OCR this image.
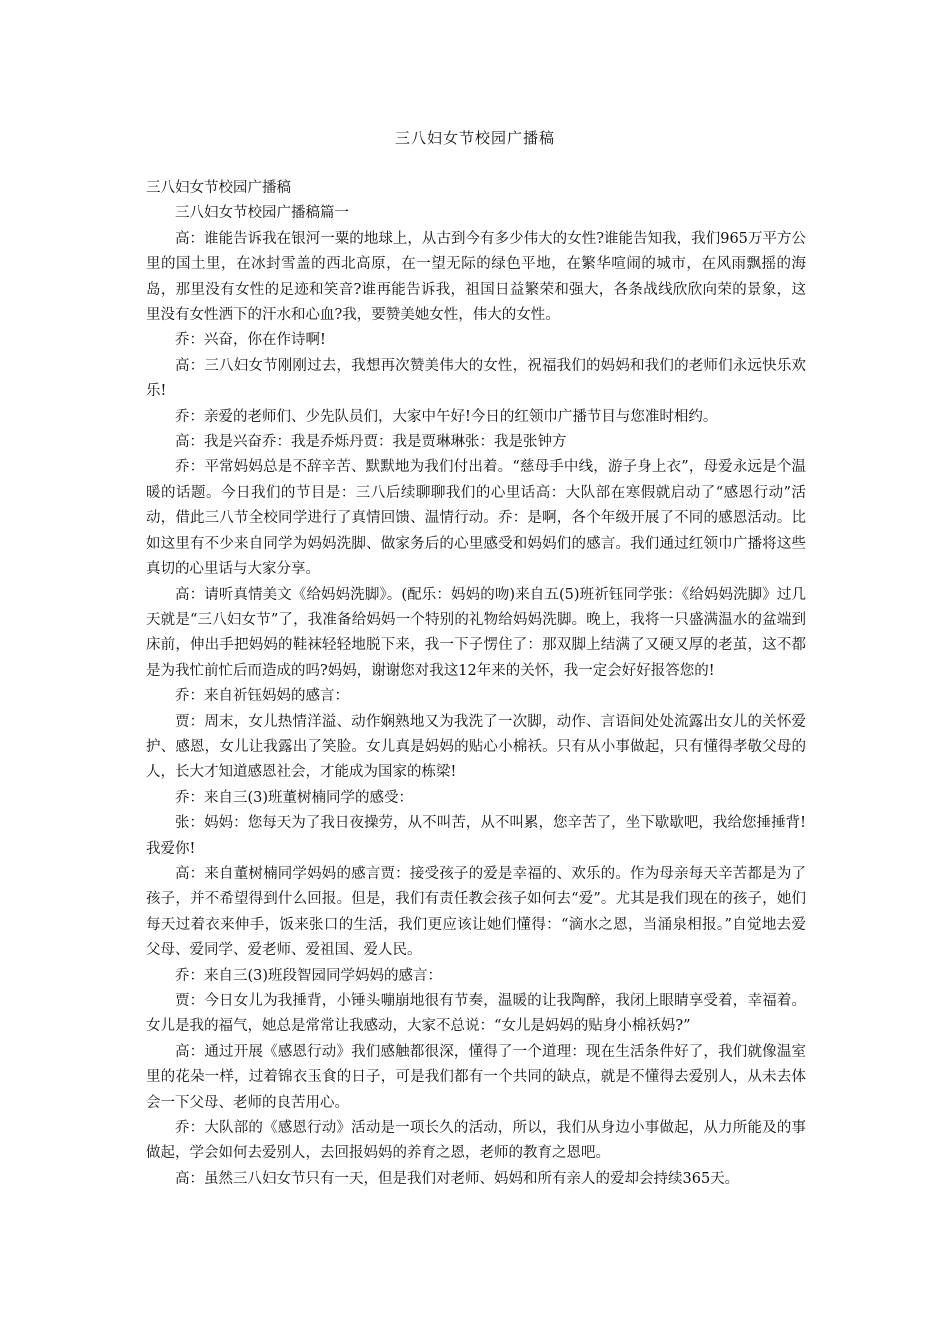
三八妇女节校园广播稿

三八妇女节校园广播稿

三八妇女节校园广播稿篇一

高：谁能告诉我在银河一粟的地球上，从古到今有多少伟大的女性?谁能告知我，我们965万平方公里的国土里，在冰封雪盖的西北高原，在一望无际的绿色平地，在繁华喧闹的城市，在风雨飘摇的海岛，那里没有女性的足迹和笑音?谁再能告诉我，祖国日益繁荣和强大，各条战线欣欣向荣的景象，这里没有女性洒下的汗水和心血?我，要赞美她女性，伟大的女性。

乔：兴奋，你在作诗啊!

高：三八妇女节刚刚过去，我想再次赞美伟大的女性，祝福我们的妈妈和我们的老师们永远快乐欢乐!

乔：亲爱的老师们、少先队员们，大家中午好!今日的红领巾广播节目与您准时相约。

高：我是兴奋乔：我是乔烁丹贾：我是贾琳琳张：我是张钟方

乔：平常妈妈总是不辞辛苦、默默地为我们付出着。“慈母手中线，游子身上衣”，母爱永远是个温暖的话题。今日我们的节目是：三八后续聊聊我们的心里话高：大队部在寒假就启动了“感恩行动”活动，借此三八节全校同学进行了真情回馈、温情行动。乔：是啊，各个年级开展了不同的感恩活动。比如这里有不少来自同学为妈妈洗脚、做家务后的心里感受和妈妈们的感言。我们通过红领巾广播将这些真切的心里话与大家分享。

高：请听真情美文《给妈妈洗脚》。(配乐：妈妈的吻)来自五(5)班祈钰同学张：《给妈妈洗脚》过几天就是“三八妇女节”了，我准备给妈妈一个特别的礼物给妈妈洗脚。晚上，我将一只盛满温水的盆端到床前，伸出手把妈妈的鞋袜轻轻地脱下来，我一下子愣住了：那双脚上结满了又硬又厚的老茧，这不都是为我忙前忙后而造成的吗?妈妈，谢谢您对我这12年来的关怀，我一定会好好报答您的!

乔：来自祈钰妈妈的感言：

贾：周末，女儿热情洋溢、动作娴熟地又为我洗了一次脚，动作、言语间处处流露出女儿的关怀爱护、感恩，女儿让我露出了笑脸。女儿真是妈妈的贴心小棉袄。只有从小事做起，只有懂得孝敬父母的人，长大才知道感恩社会，才能成为国家的栋梁!

乔：来自三(3)班董树楠同学的感受：

张：妈妈：您每天为了我日夜操劳，从不叫苦，从不叫累，您辛苦了，坐下歇歇吧，我给您捶捶背!我爱你!

高：来自董树楠同学妈妈的感言贾：接受孩子的爱是幸福的、欢乐的。作为母亲每天辛苦都是为了孩子，并不希望得到什么回报。但是，我们有责任教会孩子如何去“爱”。尤其是我们现在的孩子，她们每天过着衣来伸手，饭来张口的生活，我们更应该让她们懂得：“滴水之恩，当涌泉相报。”自觉地去爱父母、爱同学、爱老师、爱祖国、爱人民。

乔：来自三(3)班段智园同学妈妈的感言：

贾：今日女儿为我捶背，小锤头嘣崩地很有节奏，温暖的让我陶醉，我闭上眼睛享受着，幸福着。女儿是我的福气，她总是常常让我感动，大家不总说：“女儿是妈妈的贴身小棉袄妈?”

高：通过开展《感恩行动》我们感触都很深，懂得了一个道理：现在生活条件好了，我们就像温室里的花朵一样，过着锦衣玉食的日子，可是我们都有一个共同的缺点，就是不懂得去爱别人，从未去体会一下父母、老师的良苦用心。

乔：大队部的《感恩行动》活动是一项长久的活动，所以，我们从身边小事做起，从力所能及的事做起，学会如何去爱别人，去回报妈妈的养育之恩，老师的教育之恩吧。

高：虽然三八妇女节只有一天，但是我们对老师、妈妈和所有亲人的爱却会持续365天。
